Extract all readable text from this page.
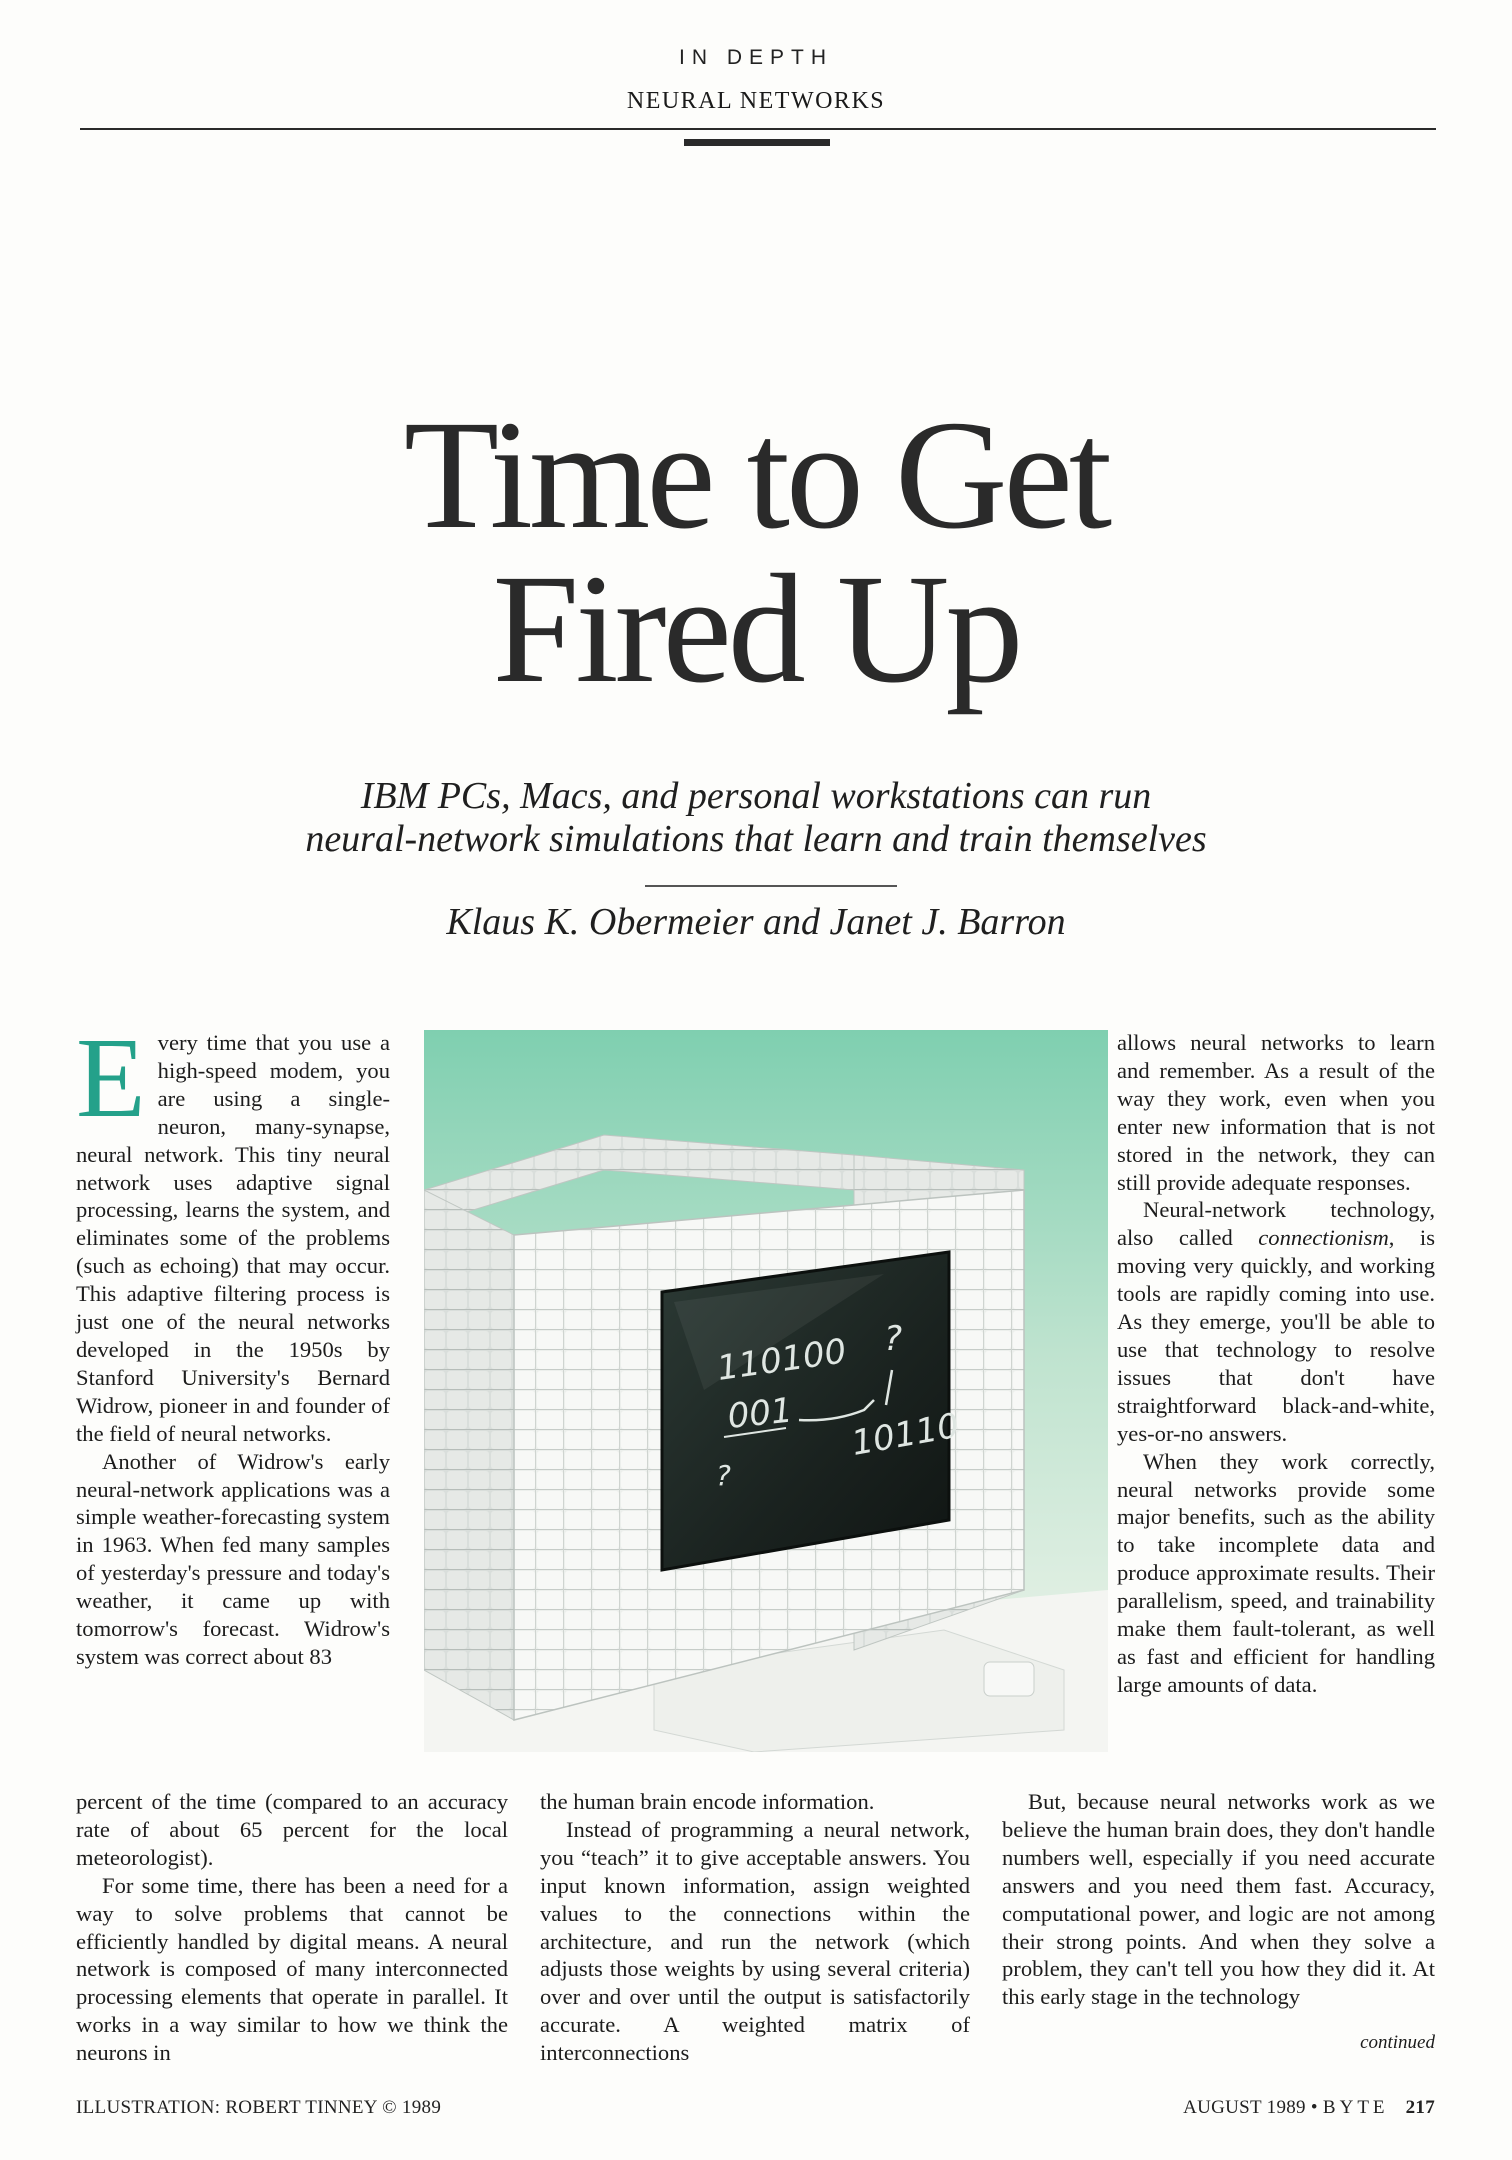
IN DEPTH
NEURAL NETWORKS
Time to Get
Fired Up
IBM PCs, Macs, and personal workstations can run
neural-network simulations that learn and train themselves
Klaus K. Obermeier and Janet J. Barron

Every time that you use a high-speed modem, you are using a single-neuron, many-synapse, neural network. This tiny neural network uses adaptive signal processing, learns the system, and eliminates some of the problems (such as echoing) that may occur. This adaptive filtering process is just one of the neural networks developed in the 1950s by Stanford University's Bernard Widrow, pioneer in and founder of the field of neural networks.

Another of Widrow's early neural-network applications was a simple weather-forecasting system in 1963. When fed many samples of yesterday's pressure and today's weather, it came up with tomorrow's forecast. Widrow's system was correct about 83

110100 ?
001 10110
?

allows neural networks to learn and remember. As a result of the way they work, even when you enter new information that is not stored in the network, they can still provide adequate responses.

Neural-network technology, also called connectionism, is moving very quickly, and working tools are rapidly coming into use. As they emerge, you'll be able to use that technology to resolve issues that don't have straightforward black-and-white, yes-or-no answers.

When they work correctly, neural networks provide some major benefits, such as the ability to take incomplete data and produce approximate results. Their parallelism, speed, and trainability make them fault-tolerant, as well as fast and efficient for handling large amounts of data.

percent of the time (compared to an accuracy rate of about 65 percent for the local meteorologist).

For some time, there has been a need for a way to solve problems that cannot be efficiently handled by digital means. A neural network is composed of many interconnected processing elements that operate in parallel. It works in a way similar to how we think the neurons in

the human brain encode information.

Instead of programming a neural network, you “teach” it to give acceptable answers. You input known information, assign weighted values to the connections within the architecture, and run the network (which adjusts those weights by using several criteria) over and over until the output is satisfactorily accurate. A weighted matrix of interconnections

But, because neural networks work as we believe the human brain does, they don't handle numbers well, especially if you need accurate answers and you need them fast. Accuracy, computational power, and logic are not among their strong points. And when they solve a problem, they can't tell you how they did it. At this early stage in the technology

continued
ILLUSTRATION: ROBERT TINNEY © 1989	AUGUST 1989 • BYTE 217
